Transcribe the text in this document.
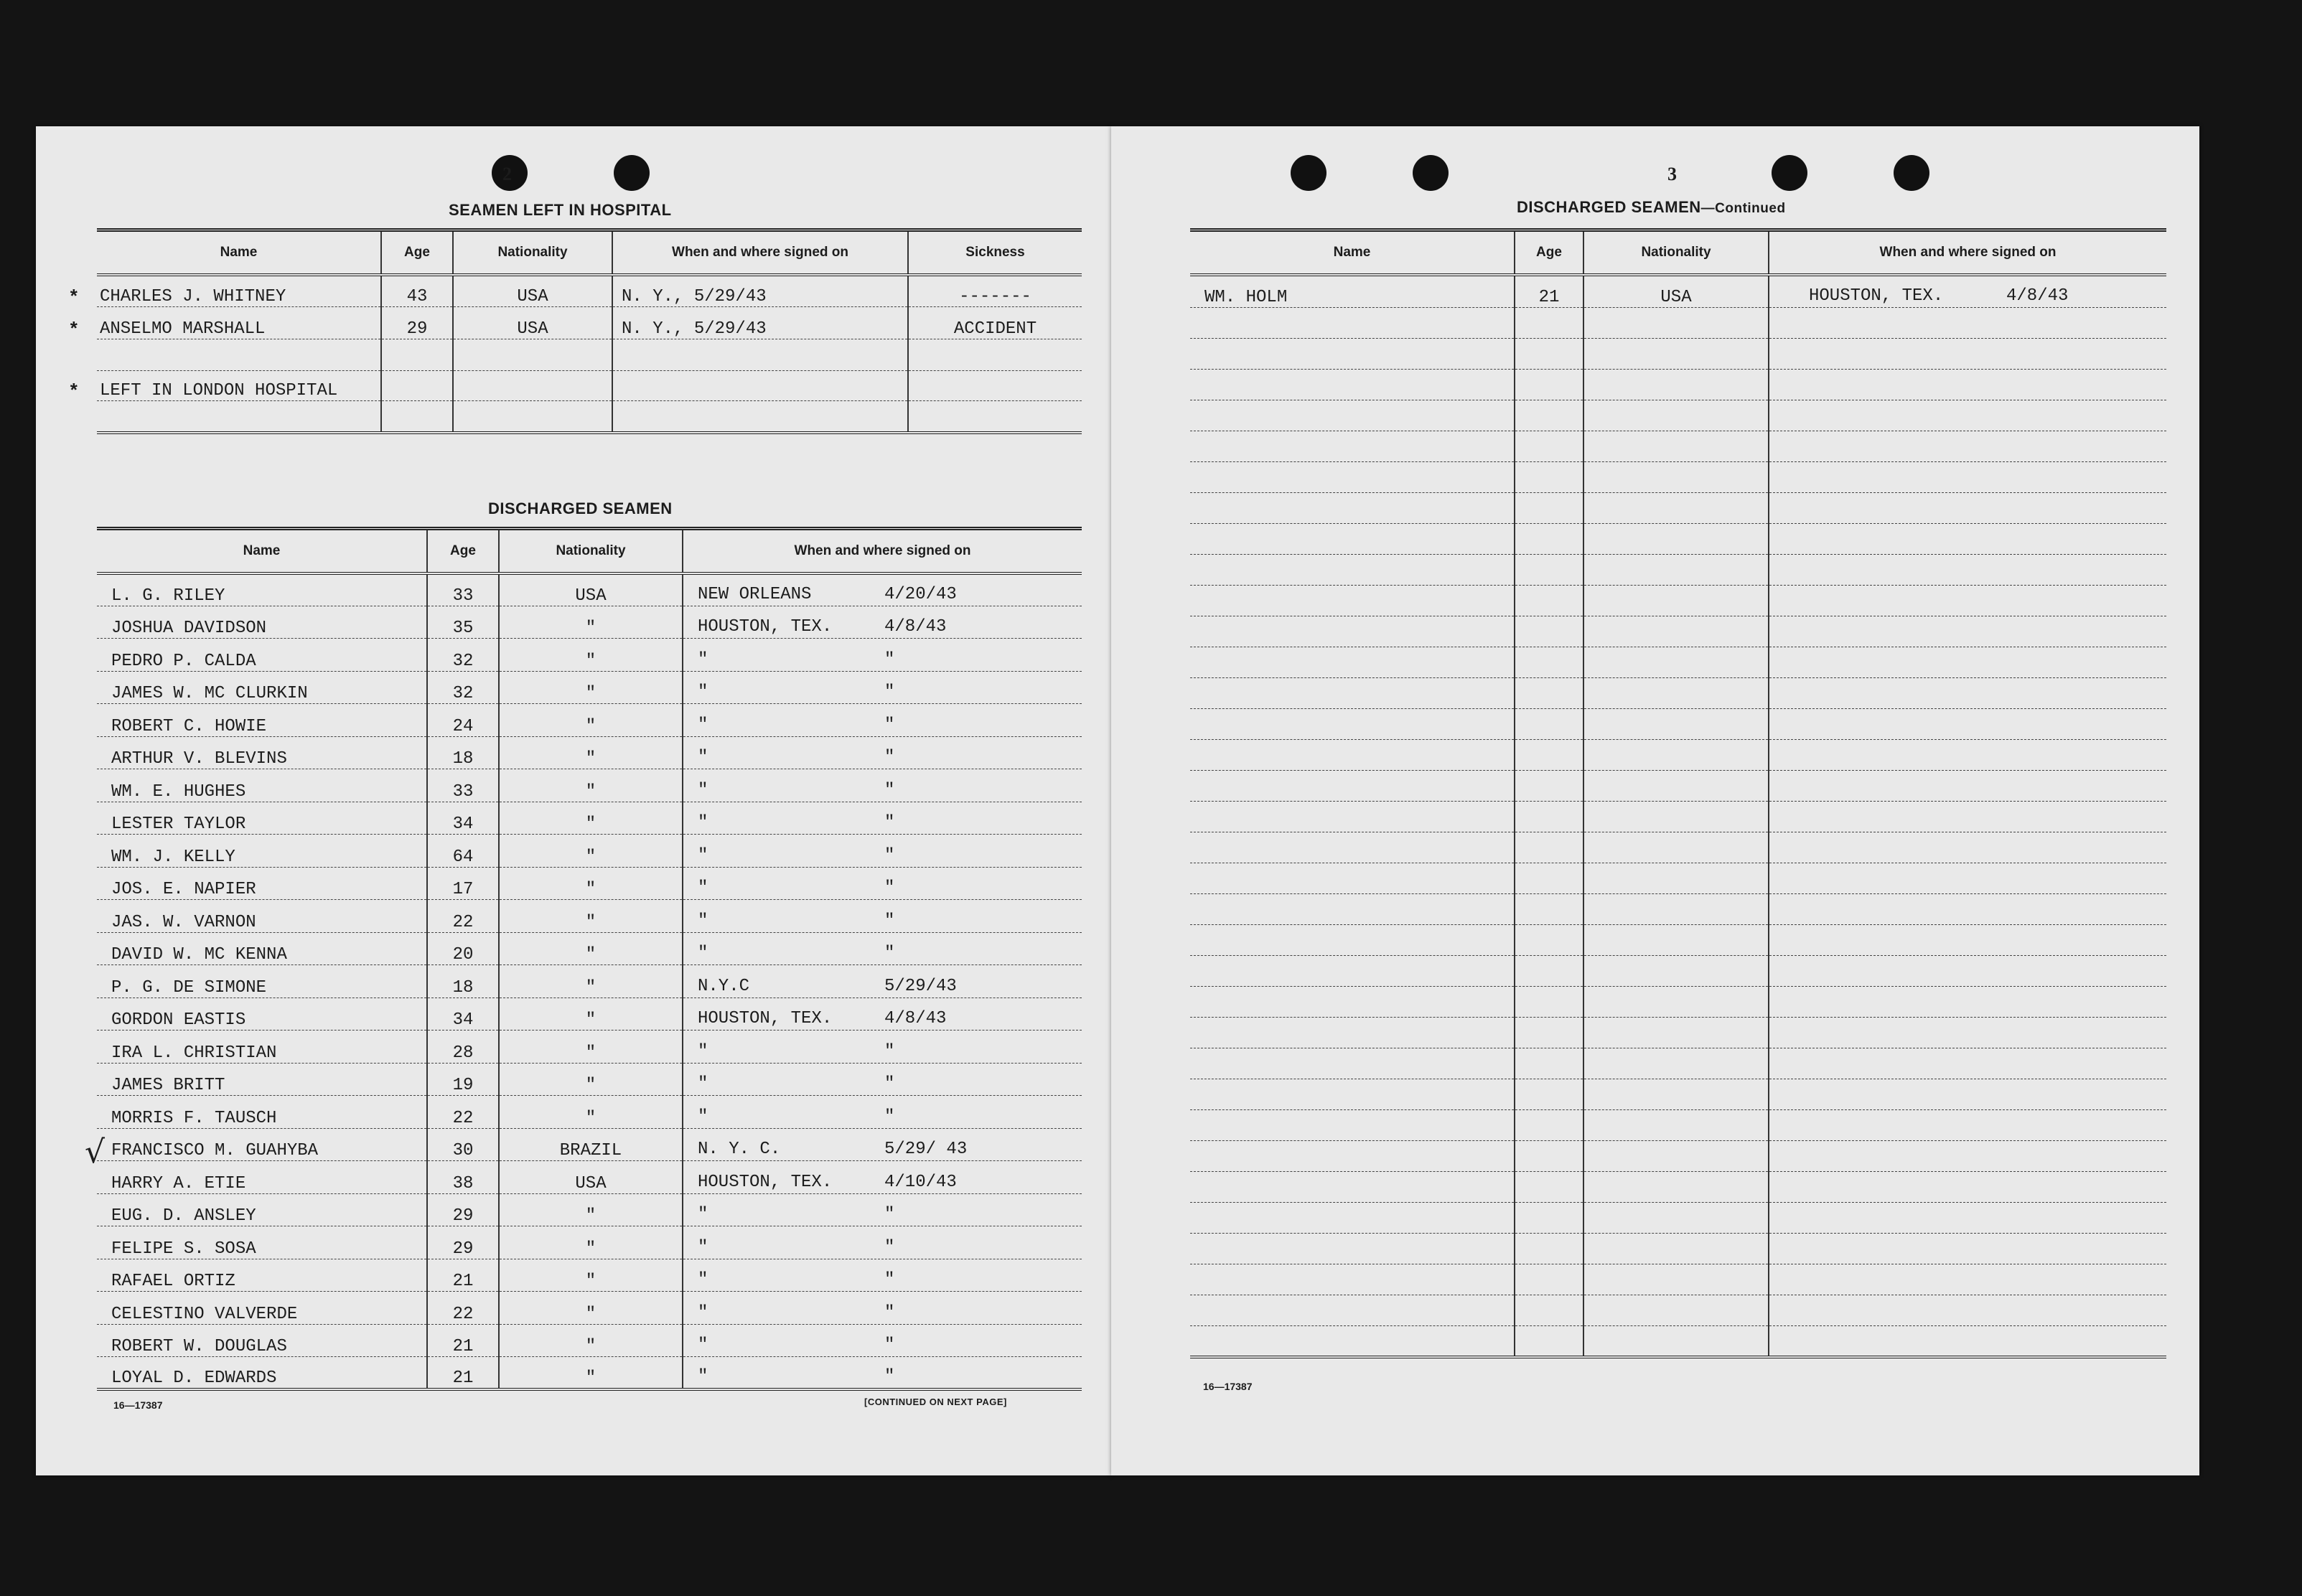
2
SEAMEN LEFT IN HOSPITAL
Name	Age	Nationality	When and where signed on	Sickness

* CHARLES J. WHITNEY	43	USA	N. Y., 5/29/43	-------

* ANSELMO MARSHALL	29	USA	N. Y., 5/29/43	ACCIDENT

* LEFT IN LONDON HOSPITAL				

DISCHARGED SEAMEN
Name	Age	Nationality	When and where signed on
L. G. RILEY	33	USA	NEW ORLEANS 4/20/43

JOSHUA DAVIDSON	35	"	HOUSTON, TEX. 4/8/43

PEDRO P. CALDA	32	"	" "

JAMES W. MC CLURKIN	32	"	" "

ROBERT C. HOWIE	24	"	" "

ARTHUR V. BLEVINS	18	"	" "

WM. E. HUGHES	33	"	" "

LESTER TAYLOR	34	"	" "

WM. J. KELLY	64	"	" "

JOS. E. NAPIER	17	"	" "

JAS. W. VARNON	22	"	" "

DAVID W. MC KENNA	20	"	" "

P. G. DE SIMONE	18	"	N.Y.C 5/29/43

GORDON EASTIS	34	"	HOUSTON, TEX. 4/8/43

IRA L. CHRISTIAN	28	"	" "

JAMES BRITT	19	"	" "

MORRIS F. TAUSCH	22	"	" "

FRANCISCO M. GUAHYBA	30	BRAZIL	N. Y. C. 5/29/ 43

HARRY A. ETIE	38	USA	HOUSTON, TEX. 4/10/43

EUG. D. ANSLEY	29	"	" "

FELIPE S. SOSA	29	"	" "

RAFAEL ORTIZ	21	"	" "

CELESTINO VALVERDE	22	"	" "

ROBERT W. DOUGLAS	21	"	" "

LOYAL D. EDWARDS	21	"	" "
√
16—17387	[CONTINUED ON NEXT PAGE]
3
DISCHARGED SEAMEN—Continued
Name	Age	Nationality	When and where signed on
WM. HOLM	21	USA	HOUSTON, TEX. 4/8/43

16—17387
